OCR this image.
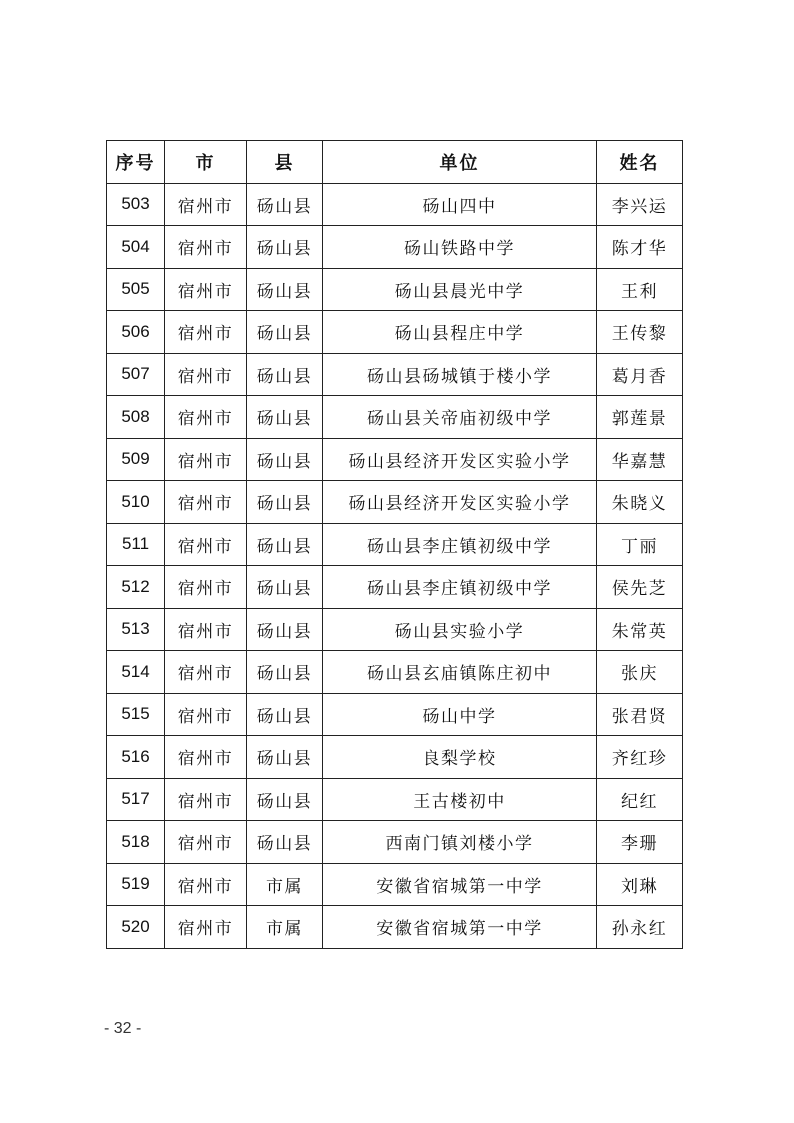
序号	市	县	单位	姓名
503	宿州市	砀山县	砀山四中	李兴运
504	宿州市	砀山县	砀山铁路中学	陈才华
505	宿州市	砀山县	砀山县晨光中学	王利
506	宿州市	砀山县	砀山县程庄中学	王传黎
507	宿州市	砀山县	砀山县砀城镇于楼小学	葛月香
508	宿州市	砀山县	砀山县关帝庙初级中学	郭莲景
509	宿州市	砀山县	砀山县经济开发区实验小学	华嘉慧
510	宿州市	砀山县	砀山县经济开发区实验小学	朱晓义
511	宿州市	砀山县	砀山县李庄镇初级中学	丁丽
512	宿州市	砀山县	砀山县李庄镇初级中学	侯先芝
513	宿州市	砀山县	砀山县实验小学	朱常英
514	宿州市	砀山县	砀山县玄庙镇陈庄初中	张庆
515	宿州市	砀山县	砀山中学	张君贤
516	宿州市	砀山县	良梨学校	齐红珍
517	宿州市	砀山县	王古楼初中	纪红
518	宿州市	砀山县	西南门镇刘楼小学	李珊
519	宿州市	市属	安徽省宿城第一中学	刘琳
520	宿州市	市属	安徽省宿城第一中学	孙永红
- 32 -
